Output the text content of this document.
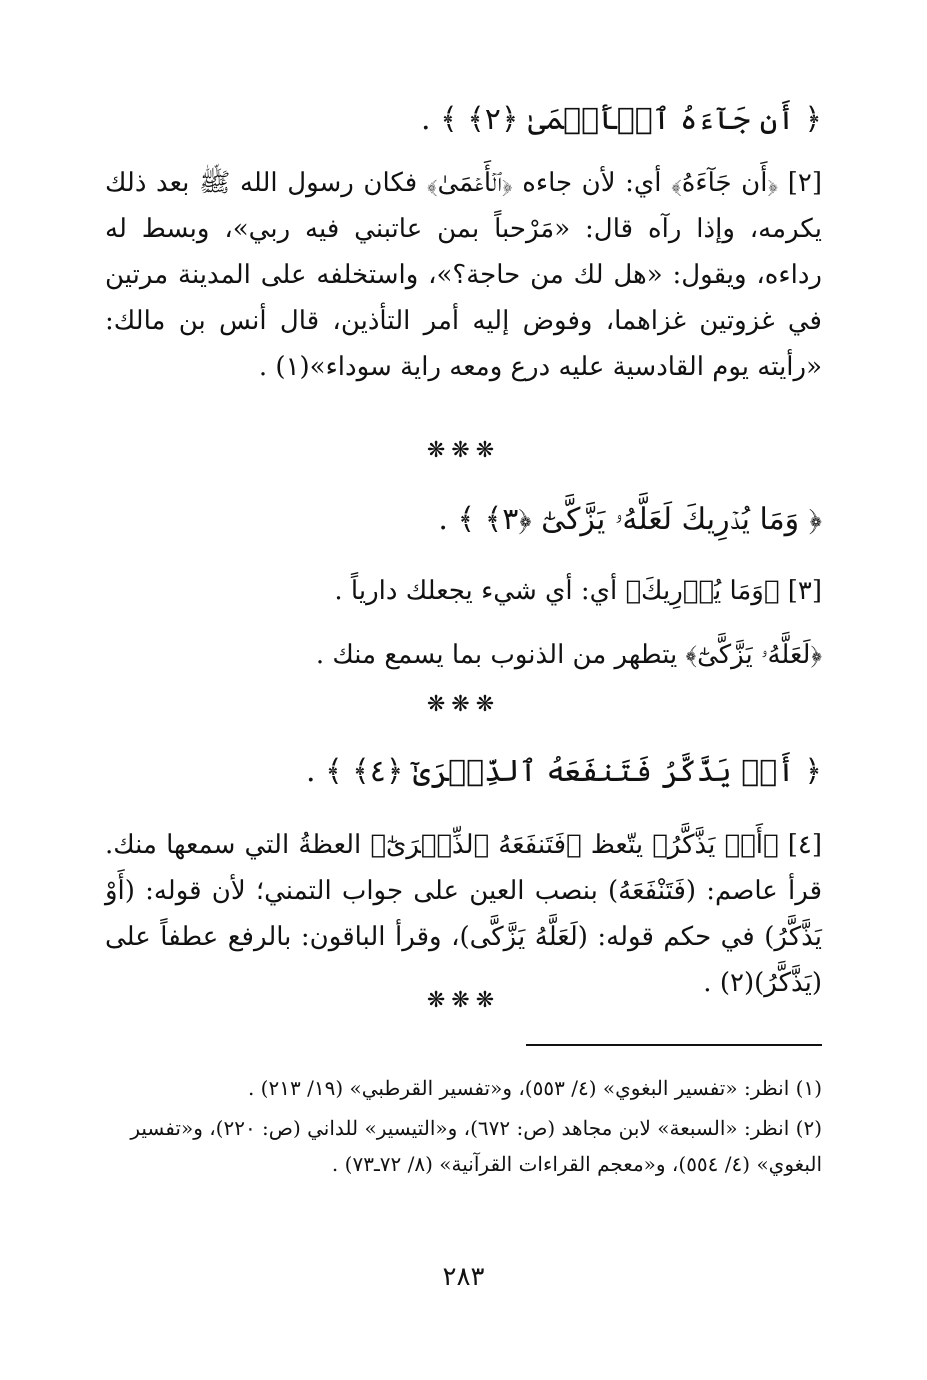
﴿ أَن جَآءَهُ ٱلۡأَعۡمَىٰ ﴿٢﴾ ﴾ .
[٢] ﴿أَن جَآءَهُ﴾ أي: لأن جاءه ﴿ٱلۡأَعۡمَىٰ﴾ فكان رسول الله ﷺ بعد ذلك يكرمه، وإذا رآه قال: «مَرْحباً بمن عاتبني فيه ربي»، وبسط له رداءه، ويقول: «هل لك من حاجة؟»، واستخلفه على المدينة مرتين في غزوتين غزاهما، وفوض إليه أمر التأذين، قال أنس بن مالك: «رأيته يوم القادسية عليه درع ومعه راية سوداء»(١) .
❋❋❋
﴿ وَمَا يُدۡرِيكَ لَعَلَّهُۥ يَزَّكَّىٰٓ ﴿٣﴾ ﴾ .
[٣] ﴿وَمَا يُدۡرِيكَ﴾ أي: أي شيء يجعلك دارياً .
﴿لَعَلَّهُۥ يَزَّكَّىٰٓ﴾ يتطهر من الذنوب بما يسمع منك .
❋❋❋
﴿ أَوۡ يَذَّكَّرُ فَتَنفَعَهُ ٱلذِّكۡرَىٰٓ ﴿٤﴾ ﴾ .
[٤] ﴿أَوۡ يَذَّكَّرُ﴾ يتّعظ ﴿فَتَنفَعَهُ ٱلذِّكۡرَىٰٓ﴾ العظةُ التي سمعها منك. قرأ عاصم: (فَتَنْفَعَهُ) بنصب العين على جواب التمني؛ لأن قوله: (أَوْ يَذَّكَّرُ) في حكم قوله: (لَعَلَّهُ يَزَّكَّى)، وقرأ الباقون: بالرفع عطفاً على (يَذَّكَّرُ)(٢) .
❋❋❋
(١) انظر: «تفسير البغوي» (٤/ ٥٥٣)، و«تفسير القرطبي» (١٩/ ٢١٣) .
(٢) انظر: «السبعة» لابن مجاهد (ص: ٦٧٢)، و«التيسير» للداني (ص: ٢٢٠)، و«تفسير البغوي» (٤/ ٥٥٤)، و«معجم القراءات القرآنية» (٨/ ٧٢ـ٧٣) .
٢٨٣
